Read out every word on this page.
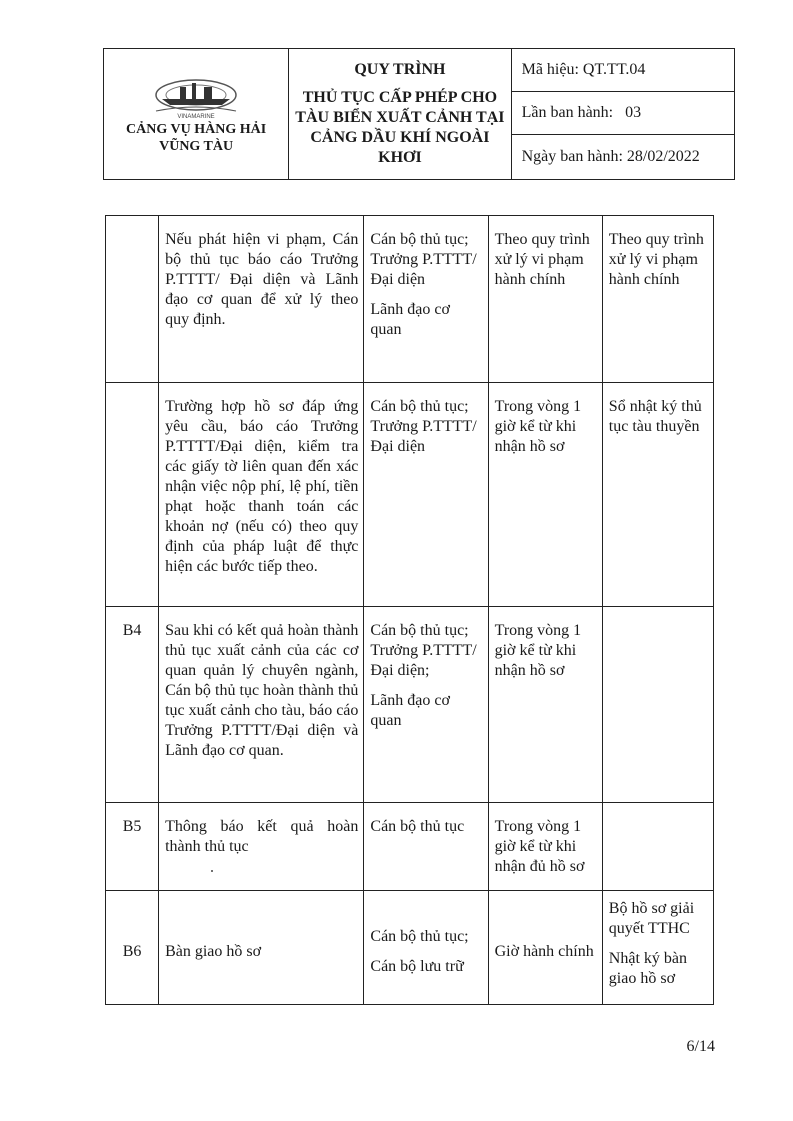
VINAMARINE
CẢNG VỤ HÀNG HẢI
VŨNG TÀU

QUY TRÌNH
THỦ TỤC CẤP PHÉP CHO TÀU BIỂN XUẤT CẢNH TẠI CẢNG DẦU KHÍ NGOÀI KHƠI
	Mã hiệu: QT.TT.04
Lần ban hành: 03
Ngày ban hành: 28/02/2022
	Nếu phát hiện vi phạm, Cán bộ thủ tục báo cáo Trưởng P.TTTT/ Đại diện và Lãnh đạo cơ quan để xử lý theo quy định.	Cán bộ thủ tục;
Trưởng P.TTTT/Đại diện
Lãnh đạo cơ quan	Theo quy trình xử lý vi phạm hành chính	Theo quy trình xử lý vi phạm hành chính
	Trường hợp hồ sơ đáp ứng yêu cầu, báo cáo Trưởng P.TTTT/Đại diện, kiểm tra các giấy tờ liên quan đến xác nhận việc nộp phí, lệ phí, tiền phạt hoặc thanh toán các khoản nợ (nếu có) theo quy định của pháp luật để thực hiện các bước tiếp theo.	Cán bộ thủ tục;
Trưởng P.TTTT/Đại diện	Trong vòng 1 giờ kể từ khi nhận hồ sơ	Sổ nhật ký thủ tục tàu thuyền
B4	Sau khi có kết quả hoàn thành thủ tục xuất cảnh của các cơ quan quản lý chuyên ngành, Cán bộ thủ tục hoàn thành thủ tục xuất cảnh cho tàu, báo cáo Trưởng P.TTTT/Đại diện và Lãnh đạo cơ quan.	Cán bộ thủ tục;
Trưởng P.TTTT/Đại diện;
Lãnh đạo cơ quan	Trong vòng 1 giờ kể từ khi nhận hồ sơ	
B5	Thông báo kết quả hoàn thành thủ tục	Cán bộ thủ tục	Trong vòng 1 giờ kể từ khi nhận đủ hồ sơ	
B6	Bàn giao hồ sơ	Cán bộ thủ tục;
Cán bộ lưu trữ	Giờ hành chính	Bộ hồ sơ giải quyết TTHC
Nhật ký bàn giao hồ sơ
6/14
